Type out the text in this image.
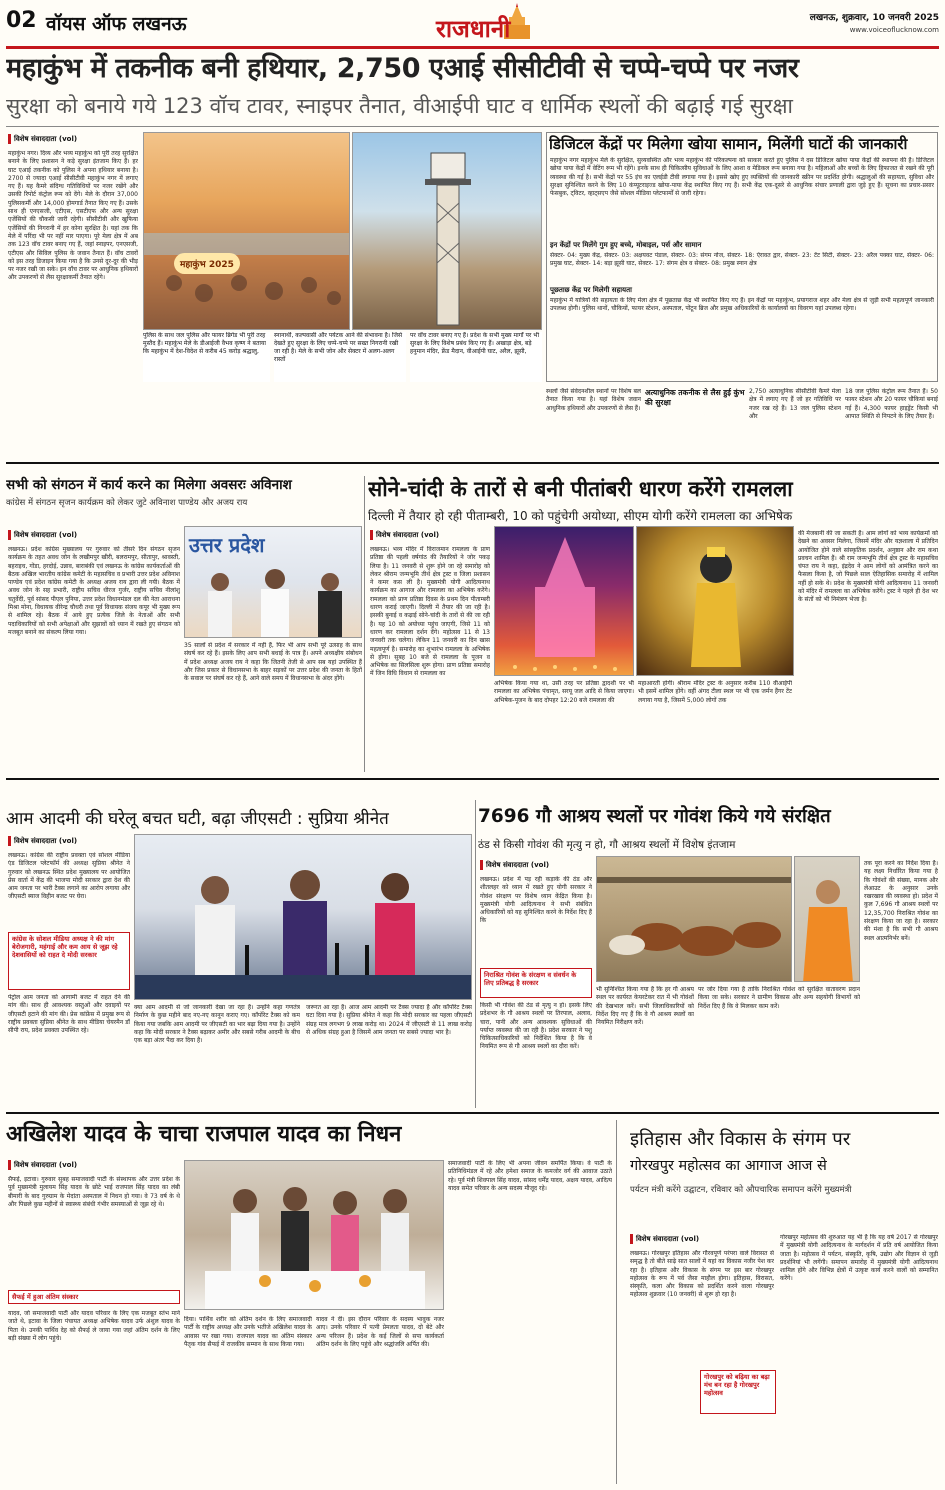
02 वॉयस ऑफ लखनऊ	राजधानी	लखनऊ, शुक्रवार, 10 जनवरी 2025
www.voiceoflucknow.com
महाकुंभ में तकनीक बनी हथियार, 2,750 एआई सीसीटीवी से चप्पे-चप्पे पर नजर
सुरक्षा को बनाये गये 123 वॉच टावर, स्नाइपर तैनात, वीआईपी घाट व धार्मिक स्थलों की बढ़ाई गई सुरक्षा
विशेष संवाददाता (vol)
महाकुंभ नगर। दिव्य और भव्य महाकुंभ को पूरी तरह सुरक्षित बनाने के लिए प्रशासन ने कड़े सुरक्षा इंतजाम किए हैं। हर घाट एआई तकनीक को पुलिस ने अपना हथियार बनाया है। 2700 से ज्यादा एआई सीसीटीवी महाकुंभ नगर में लगाए गए हैं। यह कैमरे संदिग्ध गतिविधियों पर नजर रखेंगे और उसकी रिपोर्ट कंट्रोल रूम को देंगे। मेले के दौरान 37,000 पुलिसकर्मी और 14,000 होमगार्ड तैनात किए गए हैं। उसके साथ ही एनएसजी, एटीएस, एसटीएफ और अन्य सुरक्षा एजेंसियों की चौकसी जारी रहेगी। सीसीटीवी और खुफिया एजेंसियों की निगरानी में हर कोना सुरक्षित है। यहां तक कि मेले में परिंदा भी पर नहीं मार पाएगा। पूरे मेला क्षेत्र में अब तक 123 वॉच टावर बनाए गए हैं, जहां स्नाइपर, एनएसजी, एटीएस और सिविल पुलिस के जवान तैनात हैं। वॉच टावरों को इस तरह डिजाइन किया गया है कि उनसे दूर-दूर की भीड़ पर नजर रखी जा सके। इन वॉच टावर पर आधुनिक हथियारों और उपकरणों से लैस सुरक्षाकर्मी तैनात रहेंगे।
महाकुंभ 2025
पुलिस के साथ जल पुलिस और फायर ब्रिगेड भी पूरी तरह मुस्तैद हैं। महाकुंभ मेले के डीआईजी वैभव कृष्ण ने बताया कि महाकुंभ में देश-विदेश से करीब 45 करोड़ श्रद्धालु,
स्नानार्थी, कल्पवासी और पर्यटक आने की संभावना है। जिसे देखते हुए सुरक्षा के लिए चप्पे-चप्पे पर सख्त निगरानी रखी जा रही है। मेले के सभी जोन और सेक्टर में अलग-अलग रास्तों
पर वॉच टावर बनाए गए हैं। प्रदेश के सभी मुख्य मार्गों पर भी सुरक्षा के लिए विशेष प्रबंध किए गए हैं। अखाड़ा क्षेत्र, बड़े हनुमान मंदिर, फ्रेंड मैदान, वीआईपी घाट, अरैल, झूसी,
डिजिटल केंद्रों पर मिलेगा खोया सामान, मिलेंगी घाटों की जानकारी
महाकुंभ नगर महाकुंभ मेले के सुरक्षित, सुव्यवस्थित और भव्य महाकुंभ की परिकल्पना को साकार करते हुए पुलिस ने दस डिजिटल खोया पाया केंद्रों की स्थापना की है। डिजिटल खोया पाया केंद्रों में वेटिंग रूम भी रहेंगे। इनके साथ ही चिकित्सीय सुविधाओं के लिए आशा व मेडिकल रूम बनाया गया है। महिलाओं और बच्चों के लिए हिफाजत से रखने की पूरी व्यवस्था की गई है। सभी केंद्रों पर 55 इंच का एलईडी टीवी लगाया गया है। इससे खोए हुए व्यक्तियों की जानकारी स्क्रीन पर प्रदर्शित होगी। श्रद्धालुओं की सहायता, सुविधा और सुरक्षा सुनिश्चित करने के लिए 10 कंप्यूटराइज्ड खोया-पाया केंद्र स्थापित किए गए हैं। सभी केंद्र एक-दूसरे से आधुनिक संचार प्रणाली द्वारा जुड़े हुए हैं। सूचना का प्रचार-प्रसार फेसबुक, ट्विटर, व्हाट्सएप जैसे सोशल मीडिया प्लेटफार्मों से जारी रहेगा।
इन केंद्रों पर मिलेंगे गुम हुए बच्चे, मोबाइल, पर्स और सामान
सेक्टर- 04: मुख्य केंद्र, सेक्टर- 03: अक्षयवट पंडाल, सेक्टर- 03: संगम नोज, सेक्टर- 18: ऐरावत द्वार, सेक्टर- 23: टेंट सिटी, सेक्टर- 23: अरैल पक्का घाट, सेक्टर- 06: प्रमुख घाट, सेक्टर- 14: बड़ा झूसी घाट, सेक्टर- 17: संगम क्षेत्र व सेक्टर- 08: प्रमुख स्नान क्षेत्र
पूछताछ केंद्र पर मिलेगी सहायता
महाकुंभ में यात्रियों की सहायता के लिए मेला क्षेत्र में पूछताछ केंद्र भी स्थापित किए गए हैं। इन केंद्रों पर महाकुंभ, प्रयागराज शहर और मेला क्षेत्र से जुड़ी सभी महत्वपूर्ण जानकारी उपलब्ध होगी। पुलिस थानों, चौकियों, फायर स्टेशन, अस्पताल, पोंटून ब्रिज और प्रमुख अधिकारियों के कार्यालयों का विवरण यहां उपलब्ध रहेगा।
स्थलों जैसे संवेदनशील स्थानों पर विशेष बल तैनात किया गया है। यहां विशेष जवान आधुनिक हथियारों और उपकरणों से लैस हैं।
अत्याधुनिक तकनीक से लैस हुई कुंभ की सुरक्षा
2,750 अत्याधुनिक सीसीटीवी कैमरे मेला क्षेत्र में लगाए गए हैं जो हर गतिविधि पर नजर रख रहे हैं। 13 जल पुलिस स्टेशन और
18 जल पुलिस कंट्रोल रूम तैनात हैं। 50 फायर स्टेशन और 20 फायर चौकियां बनाई गई हैं। 4,300 फायर हाइड्रेंट किसी भी आपात स्थिति से निपटने के लिए तैयार हैं।
सभी को संगठन में कार्य करने का मिलेगा अवसरः अविनाश
कांग्रेस में संगठन सृजन कार्यक्रम को लेकर जुटे अविनाश पाण्डेय और अजय राय
विशेष संवाददाता (vol)
लखनऊ। प्रदेश कांग्रेस मुख्यालय पर गुरुवार को तीसरे दिन संगठन सृजन कार्यक्रम के तहत अवध जोन के लखीमपुर खीरी, बलरामपुर, सीतापुर, श्रावस्ती, बहराइच, गोंडा, हरदोई, उन्नाव, बाराबंकी एवं लखनऊ के कांग्रेस कार्यकर्ताओं की बैठक अखिल भारतीय कांग्रेस कमेटी के महासचिव व प्रभारी उत्तर प्रदेश अविनाश पाण्डेय एवं प्रदेश कांग्रेस कमेटी के अध्यक्ष अजय राय द्वारा ली गयी। बैठक में अवध जोन के सह प्रभारी, राष्ट्रीय सचिव धीरज गुर्जर, राष्ट्रीय सचिव नीलांशु चतुर्वेदी, पूर्व सांसद पीएल पुनिया, उत्तर प्रदेश विधानमंडल दल की नेता आराधना मिश्रा मोना, विधायक वीरेन्द्र चौधरी तथा पूर्व विधायक संजय कपूर भी मुख्य रूप से शामिल रहे। बैठक में आये हुए प्रत्येक जिले के नेताओं और सभी पदाधिकारियों को सभी अपेक्षाओं और सुझावों को ध्यान में रखते हुए संगठन को मजबूत बनाने का संकल्प लिया गया।
उत्तर प्रदेश
35 सालों से प्रदेश में सरकार में नहीं हैं, फिर भी आप सभी पूरे उत्साह के साथ संघर्ष कर रहे हैं। इसके लिए आप सभी बधाई के पात्र हैं। अपने अध्यक्षीय संबोधन में प्रदेश अध्यक्ष अजय राय ने कहा कि जितनी तेजी से आप सब यहां उपस्थित हैं और जिस प्रकार से विधानसभा के बाहर सड़कों पर उत्तर प्रदेश की जनता के हितों के सवाल पर संघर्ष कर रहे हैं, आने वाले समय में विधानसभा के अंदर होंगे।
सोने-चांदी के तारों से बनी पीतांबरी धारण करेंगे रामलला
दिल्ली में तैयार हो रही पीताम्बरी, 10 को पहुंचेगी अयोध्या, सीएम योगी करेंगे रामलला का अभिषेक
विशेष संवाददाता (vol)
लखनऊ। भव्य मंदिर में विराजमान रामलला के प्राण प्रतिष्ठा की पहली वर्षगांठ की तैयारियों ने जोर पकड़ लिया है। 11 जनवरी से शुरू होने जा रहे समारोह को लेकर श्रीराम जन्मभूमि तीर्थ क्षेत्र ट्रस्ट व जिला प्रशासन ने कमर कस ली है। मुख्यमंत्री योगी आदित्यनाथ कार्यक्रम का आगाज और रामलला का अभिषेक करेंगे। रामलला को प्राण प्रतिष्ठा दिवस के प्रथम दिन पीताम्बरी धारण कराई जाएगी। दिल्ली में तैयार की जा रही है। इसकी बुनाई व कढ़ाई सोने-चांदी के तारों से की जा रही है। यह 10 को अयोध्या पहुंच जाएगी, जिसे 11 को धारण कर रामलला दर्शन देंगे। महोत्सव 11 से 13 जनवरी तक चलेगा। लेकिन 11 जनवरी का दिन खास महत्वपूर्ण है। समारोह का शुभारंभ रामलला के अभिषेक से होगा। सुबह 10 बजे से रामलला के पूजन व अभिषेक का सिलसिला शुरू होगा। प्राण प्रतिष्ठा समारोह में जिन विधि विधान से रामलला का
अभिषेक किया गया था, उसी तरह पर प्रतिष्ठा द्वादशी पर भी रामलला का अभिषेक पंचामृत, सरयू जल आदि से किया जाएगा। अभिषेक-पूजन के बाद दोपहर 12:20 बजे रामलला की
महाआरती होगी। श्रीराम मंदिर ट्रस्ट के अनुसार करीब 110 वीआईपी भी इसमें शामिल होंगे। वहीं अंगद टीला स्थल पर भी एक जर्मन हैंगर टेंट लगाया गया है, जिसमें 5,000 लोगों तक
की मेजबानी की जा सकती है। आम लोगों को भव्य कार्यक्रमों को देखने का अवसर मिलेगा, जिसमें मंदिर और यज्ञशाला में प्रतिदिन आयोजित होने वाले सांस्कृतिक प्रदर्शन, अनुष्ठान और राम कथा प्रवचन शामिल हैं। श्री राम जन्मभूमि तीर्थ क्षेत्र ट्रस्ट के महासचिव चंपत राय ने कहा, इंद्रदेव ने आम लोगों को आमंत्रित करने का फैसला किया है, जो पिछले साल ऐतिहासिक समारोह में शामिल नहीं हो सके थे। प्रदेश के मुख्यमंत्री योगी आदित्यनाथ 11 जनवरी को मंदिर में रामलला का अभिषेक करेंगे। ट्रस्ट ने पहले ही देश भर के संतों को भी निमंत्रण भेजा है।
आम आदमी की घरेलू बचत घटी, बढ़ा जीएसटी : सुप्रिया श्रीनेत
विशेष संवाददाता (vol)
लखनऊ। कांग्रेस की राष्ट्रीय प्रवक्ता एवं सोशल मीडिया एंड डिजिटल प्लेटफॉर्म की अध्यक्ष सुप्रिया श्रीनेत ने गुरुवार को लखनऊ स्थित प्रदेश मुख्यालय पर आयोजित प्रेस वार्ता में केंद्र की भाजपा मोदी सरकार द्वारा देश की आम जनता पर भारी टैक्स लगाने का आरोप लगाया और जीएसटी ब्याज विहीन बजट पर घेरा।
कांग्रेस के सोशल मीडिया अध्यक्ष ने की मांग बेरोजगारी, महंगाई और कम आय से जूझ रहे देशवासियों को राहत दे मोदी सरकार
पेट्रोल आम जनता को आगामी बजट में राहत देने की मांग की। साथ ही आवश्यक वस्तुओं और दवाइयों पर जीएसटी हटाने की मांग की। प्रेस कांफ्रेंस में प्रमुख रूप से राष्ट्रीय प्रवक्ता सुप्रिया श्रीनेत के साथ मीडिया चेयरमैन डॉ सीपी राय, प्रदेश प्रवक्ता उपस्थित रहे।
क्या आम आदमी से जो जानकारी देखा जा रहा है। उन्होंने कहा गणतंत्र निर्माण के कुछ महीने बाद नए-नए कानून कराए गए। कॉर्पोरेट टैक्स को कम किया गया जबकि आम आदमी पर जीएसटी का भार बढ़ा दिया गया है। उन्होंने कहा कि मोदी सरकार ने टैक्स बढ़ाकर अमीर और सबसे गरीब आदमी के बीच एक बड़ा अंतर पैदा कर दिया है।
जरूरत आ रहा है। आज आम आदमी पर टैक्स ज्यादा है और कॉर्पोरेट टैक्स घटा दिया गया है। सुप्रिया श्रीनेत ने कहा कि मोदी सरकार का पहला जीएसटी संग्रह मात्र लगभग 9 लाख करोड़ था। 2024 में जीएसटी से 11 लाख करोड़ से अधिक संग्रह हुआ है जिसमें आम जनता पर सबसे ज्यादा भार है।
7696 गौ आश्रय स्थलों पर गोवंश किये गये संरक्षित
ठंड से किसी गोवंश की मृत्यु न हो, गौ आश्रय स्थलों में विशेष इंतजाम
विशेष संवाददाता (vol)
लखनऊ। प्रदेश में पड़ रही कड़ाके की ठंड और शीतलहर को ध्यान में रखते हुए योगी सरकार ने गोवंश संरक्षण पर विशेष ध्यान केंद्रित किया है। मुख्यमंत्री योगी आदित्यनाथ ने सभी संबंधित अधिकारियों को यह सुनिश्चित करने के निर्देश दिए हैं कि
निराश्रित गोवंश के संरक्षण व संवर्धन के लिए प्रतिबद्ध है सरकार
किसी भी गोवंश की ठंड से मृत्यु न हो। इसके लिए प्रदेशभर के गौ आश्रय स्थलों पर तिरपाल, अलाव, चारा, पानी और अन्य आवश्यक सुविधाओं की पर्याप्त व्यवस्था की जा रही है। प्रदेश सरकार ने पशु चिकित्साधिकारियों को निर्देशित किया है कि वे नियमित रूप से गौ आश्रय स्थलों का दौरा करें।
तक पूरा करने का निर्देश दिया है। यह लक्ष्य निर्धारित किया गया है कि गोवंशों की संख्या, मानक और लेआउट के अनुसार उनके रखरखाव की व्यवस्था हो। प्रदेश में कुल 7,696 गौ आश्रय स्थलों पर 12,35,700 निराश्रित गोवंश का संरक्षण किया जा रहा है। सरकार की मंशा है कि सभी गौ आश्रय स्थल आत्मनिर्भर बनें।
भी सुनिश्चित किया गया है कि हर गौ आश्रय स्थल पर कार्यरत केयरटेकर रात में भी गोवंशों की देखभाल करें। सभी जिलाधिकारियों को निर्देश दिए गए हैं कि वे गौ आश्रय स्थलों का नियमित निरीक्षण करें।
पर जोर दिया गया है ताकि निराश्रित गोवंश को सुरक्षित वातावरण प्रदान किया जा सके। सरकार ने ग्रामीण विकास और अन्य सहयोगी विभागों को निर्देश दिए हैं कि वे मिलकर काम करें।
अखिलेश यादव के चाचा राजपाल यादव का निधन
विशेष संवाददाता (vol)
सैफई, इटावा। गुरुवार सुबह समाजवादी पार्टी के संस्थापक और उत्तर प्रदेश के पूर्व मुख्यमंत्री मुलायम सिंह यादव के छोटे भाई राजपाल सिंह यादव का लंबी बीमारी के बाद गुरुग्राम के मेदांता अस्पताल में निधन हो गया। वे 73 वर्ष के थे और पिछले कुछ महीनों से स्वास्थ्य संबंधी गंभीर समस्याओं से जूझ रहे थे।
सैफई में हुआ अंतिम संस्कार
यादव, जो समाजवादी पार्टी और यादव परिवार के लिए एक मजबूत स्तंभ माने जाते थे, इटावा के जिला पंचायत अध्यक्ष अभिषेक यादव उर्फ अंशुल यादव के पिता थे। उनकी पार्थिव देह को सैफई ले जाया गया जहां अंतिम दर्शन के लिए बड़ी संख्या में लोग पहुंचे।
दिया। पार्थिव शरीर को अंतिम दर्शन के लिए समाजवादी पार्टी के राष्ट्रीय अध्यक्ष और उनके भतीजे अखिलेश यादव के आवास पर रखा गया। राजपाल यादव का अंतिम संस्कार पैतृक गांव सैफई में राजकीय सम्मान के साथ किया गया।
यादव ने दी। इस दौरान परिवार के सदस्य भावुक नजर आए। उनके परिवार में पत्नी प्रेमलता यादव, दो बेटे और अन्य परिजन हैं। प्रदेश के कई जिलों से सपा कार्यकर्ता अंतिम दर्शन के लिए पहुंचे और श्रद्धांजलि अर्पित की।
समाजवादी पार्टी के लिए भी अपना जीवन समर्पित किया। वे पार्टी के प्रतिनिधिमंडल में रहे और हमेशा समाज के कमजोर वर्ग की आवाज उठाते रहे। पूर्व मंत्री शिवपाल सिंह यादव, सांसद धर्मेंद्र यादव, अक्षय यादव, आदित्य यादव समेत परिवार के अन्य सदस्य मौजूद रहे।
इतिहास और विकास के संगम पर
गोरखपुर महोत्सव का आगाज आज से
पर्यटन मंत्री करेंगे उद्घाटन, रविवार को औपचारिक समापन करेंगे मुख्यमंत्री
विशेष संवाददाता (vol)
लखनऊ। गोरखपुर इतिहास और गौरवपूर्ण परंपरा वाले विरासत से समृद्ध है तो बीते साढ़े सात सालों में यहां का विकास नजीर पेश कर रहा है। इतिहास और विकास के संगम पर इस बार गोरखपुर महोत्सव के रूप में पर्व जैसा माहौल होगा। इतिहास, विरासत, संस्कृति, कला और विकास को प्रदर्शित करने वाला गोरखपुर महोत्सव शुक्रवार (10 जनवरी) से शुरू हो रहा है।
गोरखपुर को बढ़िया का बढ़ा मंच बन रहा है गोरखपुर महोत्सव
गोरखपुर महोत्सव की शुरुआत यह भी है कि यह वर्ष 2017 से गोरखपुर में मुख्यमंत्री योगी आदित्यनाथ के मार्गदर्शन में प्रति वर्ष आयोजित किया जाता है। महोत्सव में पर्यटन, संस्कृति, कृषि, उद्योग और विज्ञान से जुड़ी प्रदर्शनियां भी लगेंगी। समापन समारोह में मुख्यमंत्री योगी आदित्यनाथ शामिल होंगे और विभिन्न क्षेत्रों में उत्कृष्ट कार्य करने वालों को सम्मानित करेंगे।
